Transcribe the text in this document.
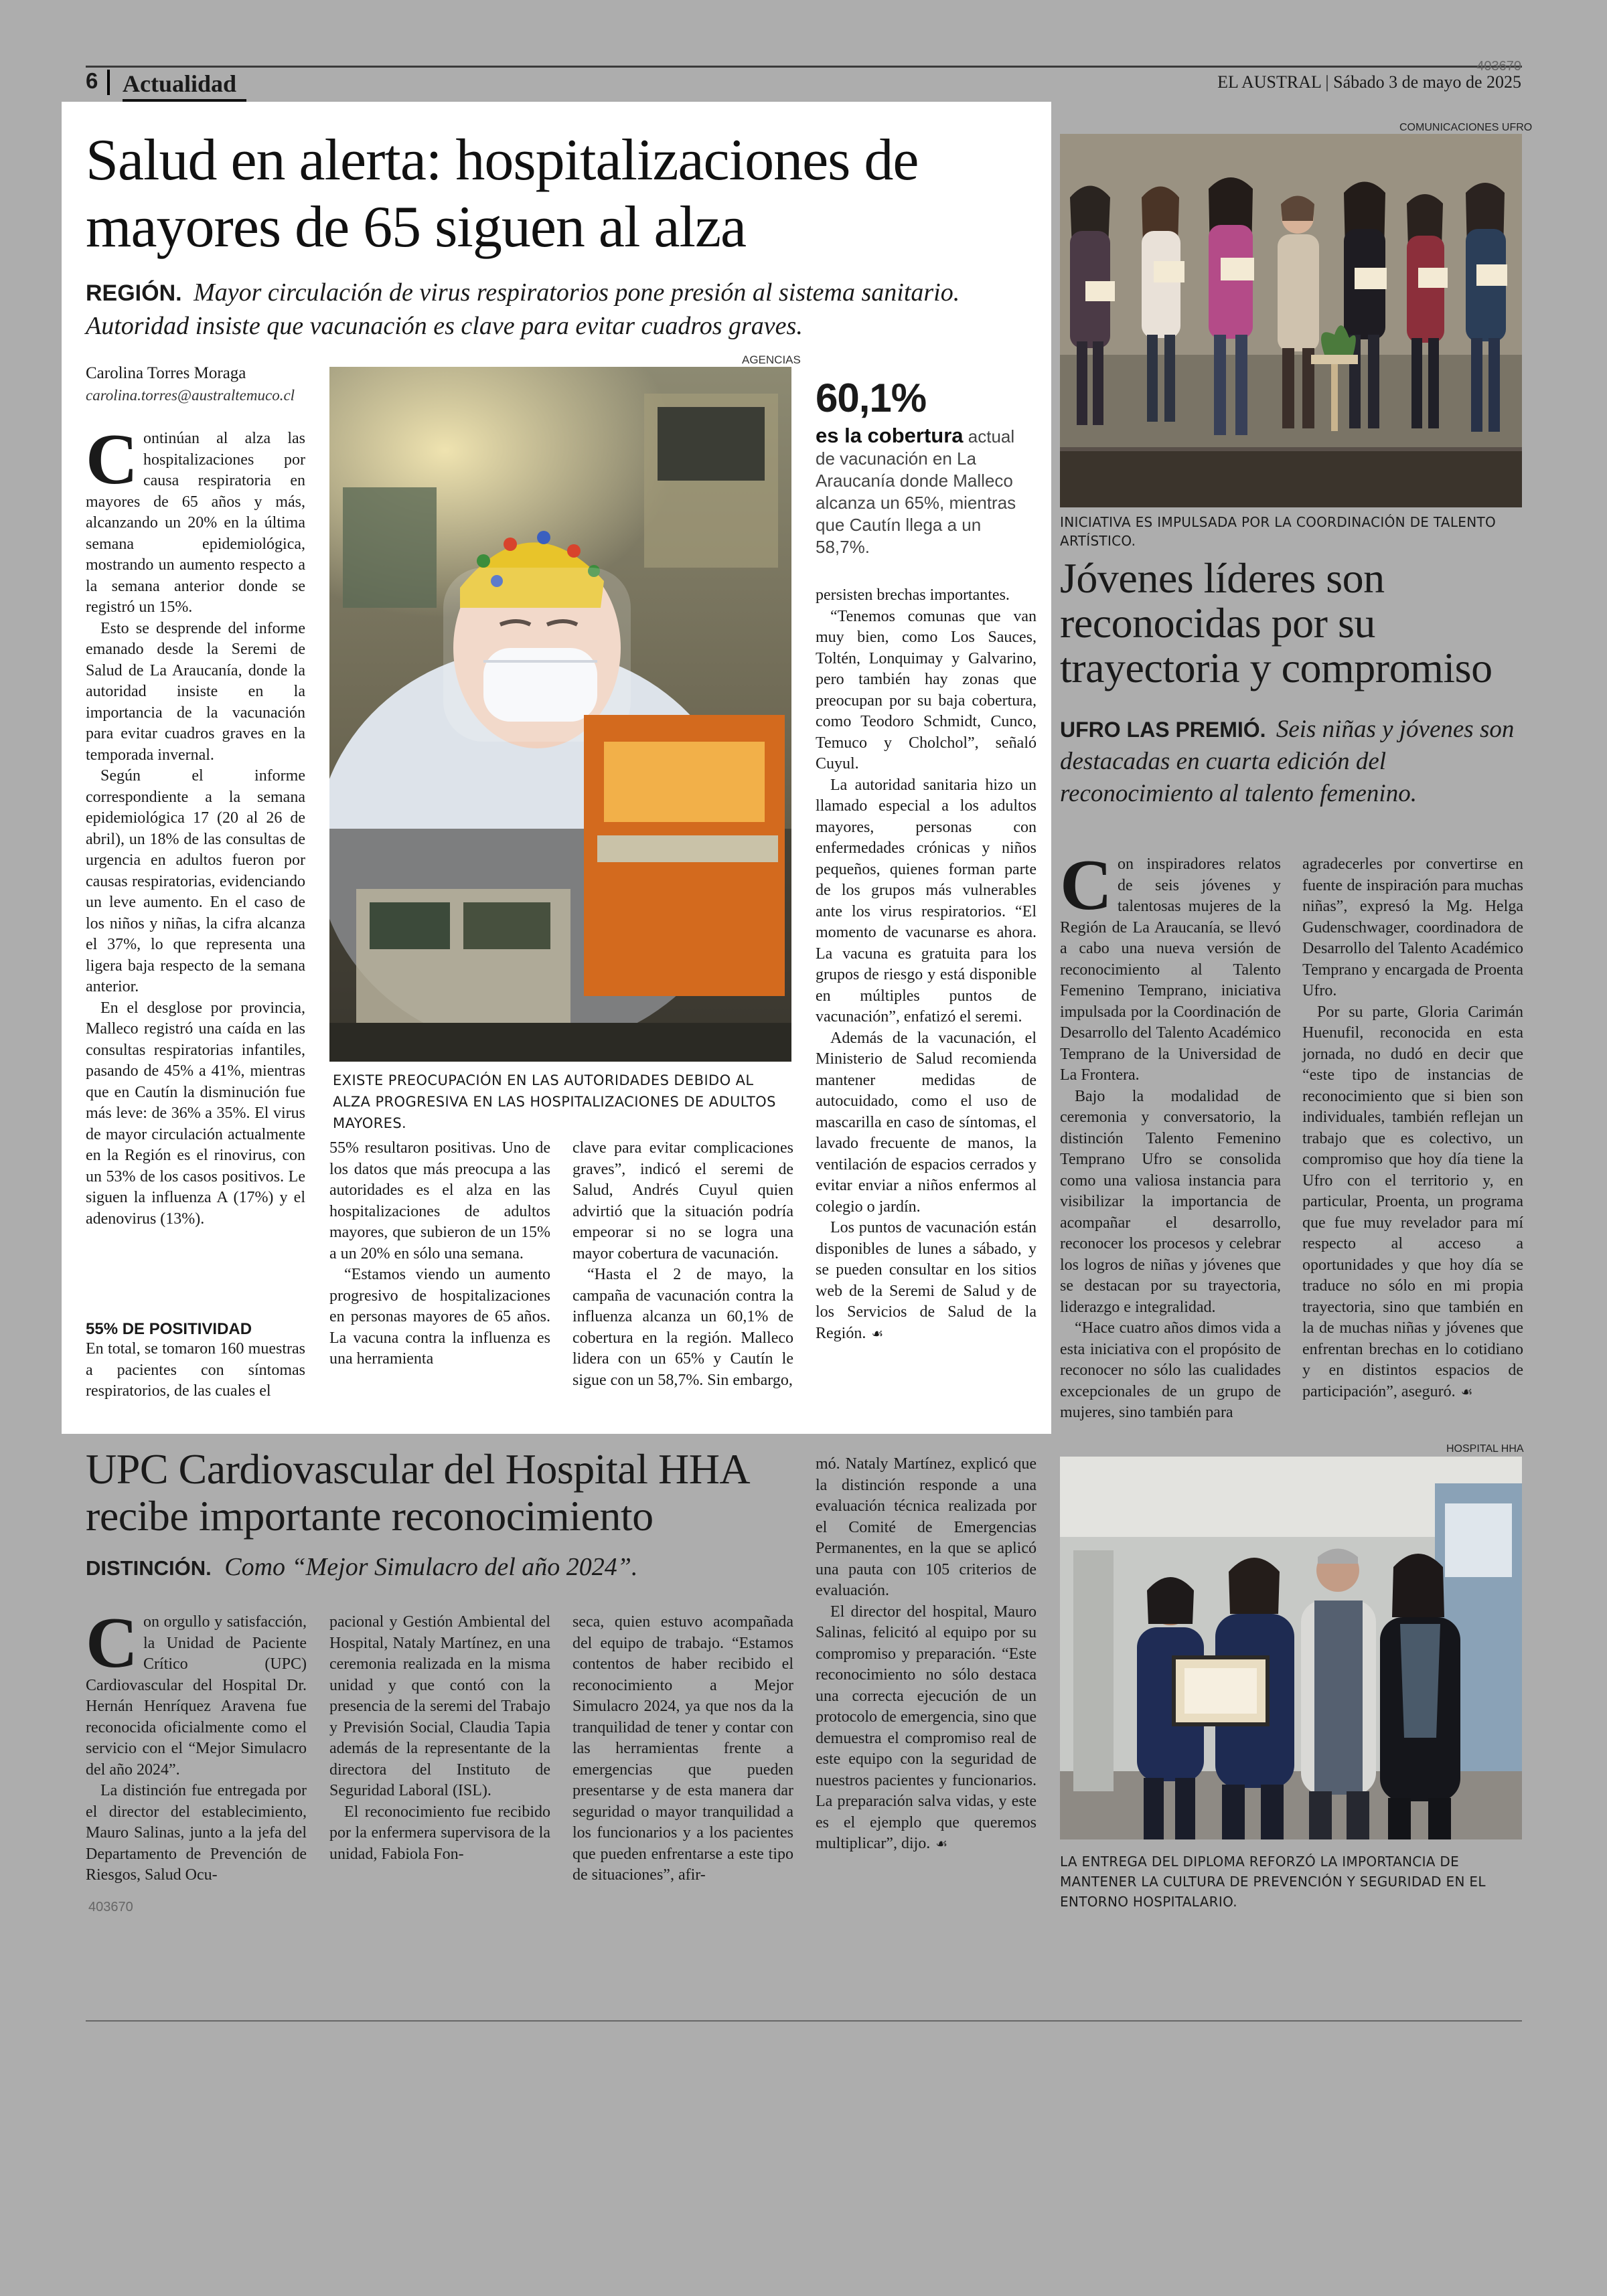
403670
6 Actualidad	EL AUSTRAL | Sábado 3 de mayo de 2025
Salud en alerta: hospitalizaciones de mayores de 65 siguen al alza
REGIÓN. Mayor circulación de virus respiratorios pone presión al sistema sanitario. Autoridad insiste que vacunación es clave para evitar cuadros graves.
Carolina Torres Moraga
carolina.torres@australtemuco.cl

Continúan al alza las hospitalizaciones por causa respiratoria en mayores de 65 años y más, alcanzando un 20% en la última semana epidemiológica, mostrando un aumento respecto a la semana anterior donde se registró un 15%.

Esto se desprende del informe emanado desde la Seremi de Salud de La Araucanía, donde la autoridad insiste en la importancia de la vacunación para evitar cuadros graves en la temporada invernal.

Según el informe correspondiente a la semana epidemiológica 17 (20 al 26 de abril), un 18% de las consultas de urgencia en adultos fueron por causas respiratorias, evidenciando un leve aumento. En el caso de los niños y niñas, la cifra alcanza el 37%, lo que representa una ligera baja respecto de la semana anterior.

En el desglose por provincia, Malleco registró una caída en las consultas respiratorias infantiles, pasando de 45% a 41%, mientras que en Cautín la disminución fue más leve: de 36% a 35%. El virus de mayor circulación actualmente en la Región es el rinovirus, con un 53% de los casos positivos. Le siguen la influenza A (17%) y el adenovirus (13%).

55% DE POSITIVIDAD

En total, se tomaron 160 muestras a pacientes con síntomas respiratorios, de las cuales el

AGENCIAS
EXISTE PREOCUPACIÓN EN LAS AUTORIDADES DEBIDO AL ALZA PROGRESIVA EN LAS HOSPITALIZACIONES DE ADULTOS MAYORES.
60,1%
es la cobertura actual de vacunación en La Araucanía donde Malleco alcanza un 65%, mientras que Cautín llega a un 58,7%.

55% resultaron positivas. Uno de los datos que más preocupa a las autoridades es el alza en las hospitalizaciones de adultos mayores, que subieron de un 15% a un 20% en sólo una semana.

“Estamos viendo un aumento progresivo de hospitalizaciones en personas mayores de 65 años. La vacuna contra la influenza es una herramienta

clave para evitar complicaciones graves”, indicó el seremi de Salud, Andrés Cuyul quien advirtió que la situación podría empeorar si no se logra una mayor cobertura de vacunación.

“Hasta el 2 de mayo, la campaña de vacunación contra la influenza alcanza un 60,1% de cobertura en la región. Malleco lidera con un 65% y Cautín le sigue con un 58,7%. Sin embargo,

persisten brechas importantes.

“Tenemos comunas que van muy bien, como Los Sauces, Toltén, Lonquimay y Galvarino, pero también hay zonas que preocupan por su baja cobertura, como Teodoro Schmidt, Cunco, Temuco y Cholchol”, señaló Cuyul.

La autoridad sanitaria hizo un llamado especial a los adultos mayores, personas con enfermedades crónicas y niños pequeños, quienes forman parte de los grupos más vulnerables ante los virus respiratorios. “El momento de vacunarse es ahora. La vacuna es gratuita para los grupos de riesgo y está disponible en múltiples puntos de vacunación”, enfatizó el seremi.

Además de la vacunación, el Ministerio de Salud recomienda mantener medidas de autocuidado, como el uso de mascarilla en caso de síntomas, el lavado frecuente de manos, la ventilación de espacios cerrados y evitar enviar a niños enfermos al colegio o jardín.

Los puntos de vacunación están disponibles de lunes a sábado, y se pueden consultar en los sitios web de la Seremi de Salud y de los Servicios de Salud de la Región. ☙

COMUNICACIONES UFRO
INICIATIVA ES IMPULSADA POR LA COORDINACIÓN DE TALENTO ARTÍSTICO.
Jóvenes líderes son reconocidas por su trayectoria y compromiso
UFRO LAS PREMIÓ. Seis niñas y jóvenes son destacadas en cuarta edición del reconocimiento al talento femenino.

Con inspiradores relatos de seis jóvenes y talentosas mujeres de la Región de La Araucanía, se llevó a cabo una nueva versión de reconocimiento al Talento Femenino Temprano, iniciativa impulsada por la Coordinación de Desarrollo del Talento Académico Temprano de la Universidad de La Frontera.

Bajo la modalidad de ceremonia y conversatorio, la distinción Talento Femenino Temprano Ufro se consolida como una valiosa instancia para visibilizar la importancia de acompañar el desarrollo, reconocer los procesos y celebrar los logros de niñas y jóvenes que se destacan por su trayectoria, liderazgo e integralidad.

“Hace cuatro años dimos vida a esta iniciativa con el propósito de reconocer no sólo las cualidades excepcionales de un grupo de mujeres, sino también para

agradecerles por convertirse en fuente de inspiración para muchas niñas”, expresó la Mg. Helga Gudenschwager, coordinadora de Desarrollo del Talento Académico Temprano y encargada de Proenta Ufro.

Por su parte, Gloria Carimán Huenufil, reconocida en esta jornada, no dudó en decir que “este tipo de instancias de reconocimiento que si bien son individuales, también reflejan un trabajo que es colectivo, un compromiso que hoy día tiene la Ufro con el territorio y, en particular, Proenta, un programa que fue muy revelador para mí respecto al acceso a oportunidades y que hoy día se traduce no sólo en mi propia trayectoria, sino que también en la de muchas niñas y jóvenes que enfrentan brechas en lo cotidiano y en distintos espacios de participación”, aseguró. ☙

UPC Cardiovascular del Hospital HHA recibe importante reconocimiento
DISTINCIÓN. Como “Mejor Simulacro del año 2024”.

Con orgullo y satisfacción, la Unidad de Paciente Crítico (UPC) Cardiovascular del Hospital Dr. Hernán Henríquez Aravena fue reconocida oficialmente como el servicio con el “Mejor Simulacro del año 2024”.

La distinción fue entregada por el director del establecimiento, Mauro Salinas, junto a la jefa del Departamento de Prevención de Riesgos, Salud Ocu-

pacional y Gestión Ambiental del Hospital, Nataly Martínez, en una ceremonia realizada en la misma unidad y que contó con la presencia de la seremi del Trabajo y Previsión Social, Claudia Tapia además de la representante de la directora del Instituto de Seguridad Laboral (ISL).

El reconocimiento fue recibido por la enfermera supervisora de la unidad, Fabiola Fon-

seca, quien estuvo acompañada del equipo de trabajo. “Estamos contentos de haber recibido el reconocimiento a Mejor Simulacro 2024, ya que nos da la tranquilidad de tener y contar con las herramientas frente a emergencias que pueden presentarse y de esta manera dar seguridad o mayor tranquilidad a los funcionarios y a los pacientes que pueden enfrentarse a este tipo de situaciones”, afir-

mó. Nataly Martínez, explicó que la distinción responde a una evaluación técnica realizada por el Comité de Emergencias Permanentes, en la que se aplicó una pauta con 105 criterios de evaluación.

El director del hospital, Mauro Salinas, felicitó al equipo por su compromiso y preparación. “Este reconocimiento no sólo destaca una correcta ejecución de un protocolo de emergencia, sino que demuestra el compromiso real de este equipo con la seguridad de nuestros pacientes y funcionarios. La preparación salva vidas, y este es el ejemplo que queremos multiplicar”, dijo. ☙

HOSPITAL HHA
LA ENTREGA DEL DIPLOMA REFORZÓ LA IMPORTANCIA DE MANTENER LA CULTURA DE PREVENCIÓN Y SEGURIDAD EN EL ENTORNO HOSPITALARIO.
403670
